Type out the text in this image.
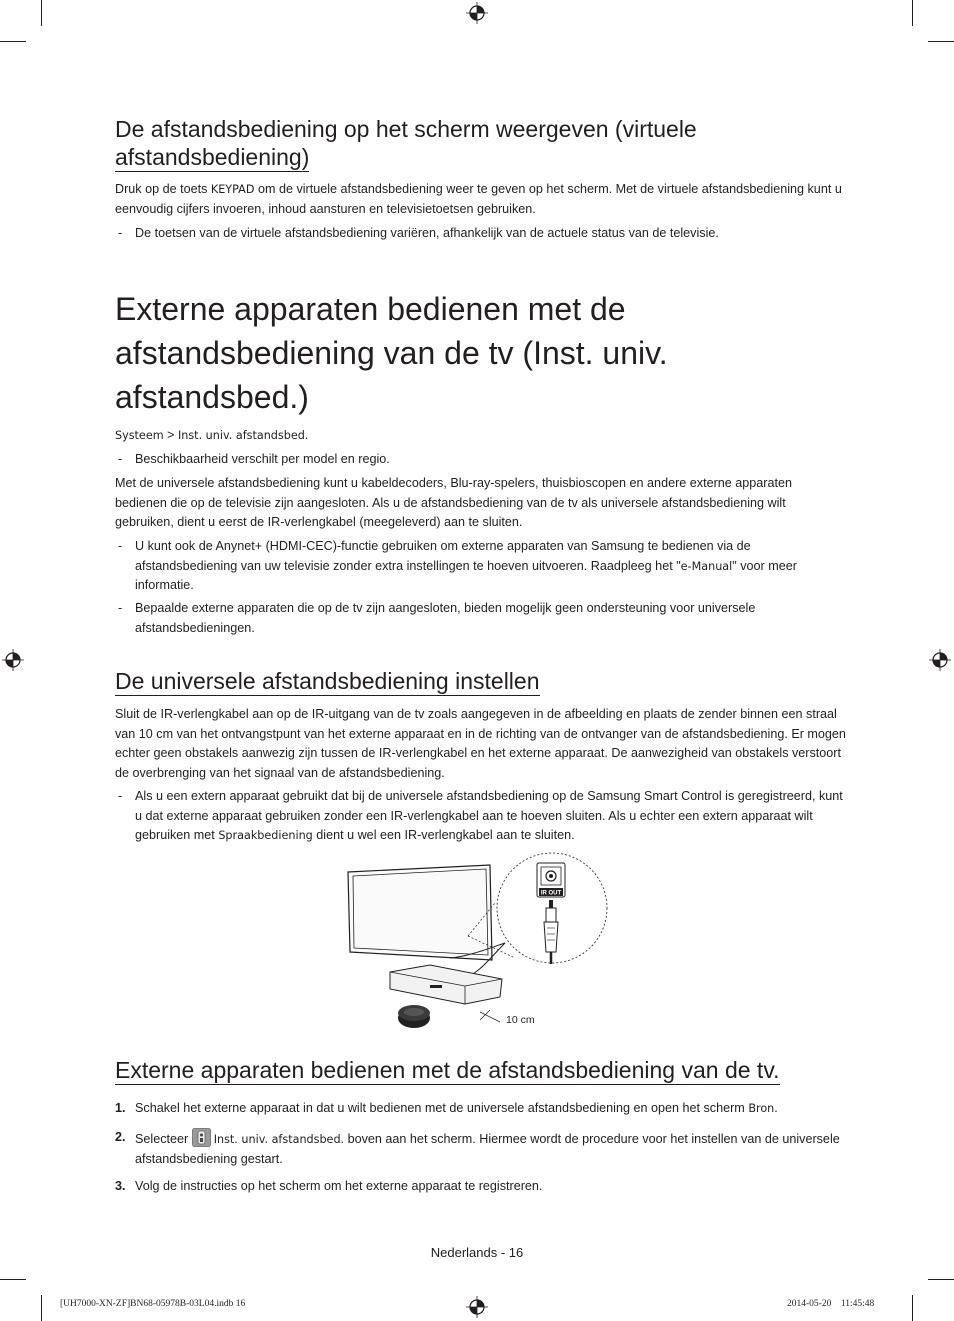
De afstandsbediening op het scherm weergeven (virtuele
afstandsbediening)

Druk op de toets KEYPAD om de virtuele afstandsbediening weer te geven op het scherm. Met de virtuele afstandsbediening kunt u eenvoudig cijfers invoeren, inhoud aansturen en televisietoetsen gebruiken.

- De toetsen van de virtuele afstandsbediening variëren, afhankelijk van de actuele status van de televisie.
Externe apparaten bedienen met de
afstandsbediening van de tv (Inst. univ.
afstandsbed.)
Systeem > Inst. univ. afstandsbed.
- Beschikbaarheid verschilt per model en regio.

Met de universele afstandsbediening kunt u kabeldecoders, Blu-ray-spelers, thuisbioscopen en andere externe apparaten bedienen die op de televisie zijn aangesloten. Als u de afstandsbediening van de tv als universele afstandsbediening wilt gebruiken, dient u eerst de IR-verlengkabel (meegeleverd) aan te sluiten.

- U kunt ook de Anynet+ (HDMI-CEC)-functie gebruiken om externe apparaten van Samsung te bedienen via de afstandsbediening van uw televisie zonder extra instellingen te hoeven uitvoeren. Raadpleeg het "e-Manual" voor meer informatie.
- Bepaalde externe apparaten die op de tv zijn aangesloten, bieden mogelijk geen ondersteuning voor universele afstandsbedieningen.
De universele afstandsbediening instellen

Sluit de IR-verlengkabel aan op de IR-uitgang van de tv zoals aangegeven in de afbeelding en plaats de zender binnen een straal van 10 cm van het ontvangstpunt van het externe apparaat en in de richting van de ontvanger van de afstandsbediening. Er mogen echter geen obstakels aanwezig zijn tussen de IR-verlengkabel en het externe apparaat. De aanwezigheid van obstakels verstoort de overbrenging van het signaal van de afstandsbediening.

- Als u een extern apparaat gebruikt dat bij de universele afstandsbediening op de Samsung Smart Control is geregistreerd, kunt u dat externe apparaat gebruiken zonder een IR-verlengkabel aan te hoeven sluiten. Als u echter een extern apparaat wilt gebruiken met Spraakbediening dient u wel een IR-verlengkabel aan te sluiten.
10 cm
IR OUT
Externe apparaten bedienen met de afstandsbediening van de tv.
1. Schakel het externe apparaat in dat u wilt bedienen met de universele afstandsbediening en open het scherm Bron.
2. Selecteer Inst. univ. afstandsbed. boven aan het scherm. Hiermee wordt de procedure voor het instellen van de universele afstandsbediening gestart.
3. Volg de instructies op het scherm om het externe apparaat te registreren.
Nederlands - 16
[UH7000-XN-ZF]BN68-05978B-03L04.indb 16	2014-05-20    11:45:48
